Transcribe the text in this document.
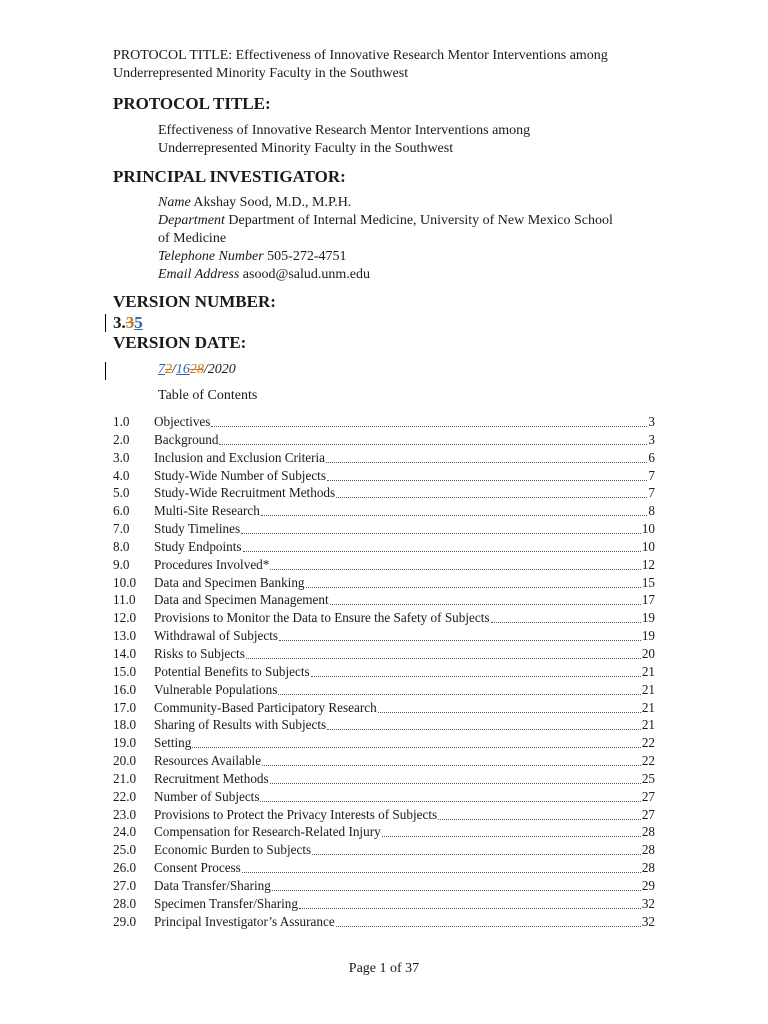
PROTOCOL TITLE: Effectiveness of Innovative Research Mentor Interventions among
Underrepresented Minority Faculty in the Southwest
PROTOCOL TITLE:
Effectiveness of Innovative Research Mentor Interventions among
Underrepresented Minority Faculty in the Southwest
PRINCIPAL INVESTIGATOR:
Name Akshay Sood, M.D., M.P.H.
Department Department of Internal Medicine, University of New Mexico School
of Medicine
Telephone Number 505-272-4751
Email Address asood@salud.unm.edu
VERSION NUMBER:
3.35
VERSION DATE:
72/1628/2020
Table of Contents
1.0	Objectives	3
2.0	Background	3
3.0	Inclusion and Exclusion Criteria	6
4.0	Study-Wide Number of Subjects	7
5.0	Study-Wide Recruitment Methods	7
6.0	Multi-Site Research	8
7.0	Study Timelines	10
8.0	Study Endpoints	10
9.0	Procedures Involved*	12
10.0	Data and Specimen Banking	15
11.0	Data and Specimen Management	17
12.0	Provisions to Monitor the Data to Ensure the Safety of Subjects	19
13.0	Withdrawal of Subjects	19
14.0	Risks to Subjects	20
15.0	Potential Benefits to Subjects	21
16.0	Vulnerable Populations	21
17.0	Community-Based Participatory Research	21
18.0	Sharing of Results with Subjects	21
19.0	Setting	22
20.0	Resources Available	22
21.0	Recruitment Methods	25
22.0	Number of Subjects	27
23.0	Provisions to Protect the Privacy Interests of Subjects	27
24.0	Compensation for Research-Related Injury	28
25.0	Economic Burden to Subjects	28
26.0	Consent Process	28
27.0	Data Transfer/Sharing	29
28.0	Specimen Transfer/Sharing	32
29.0	Principal Investigator’s Assurance	32
Page 1 of 37
